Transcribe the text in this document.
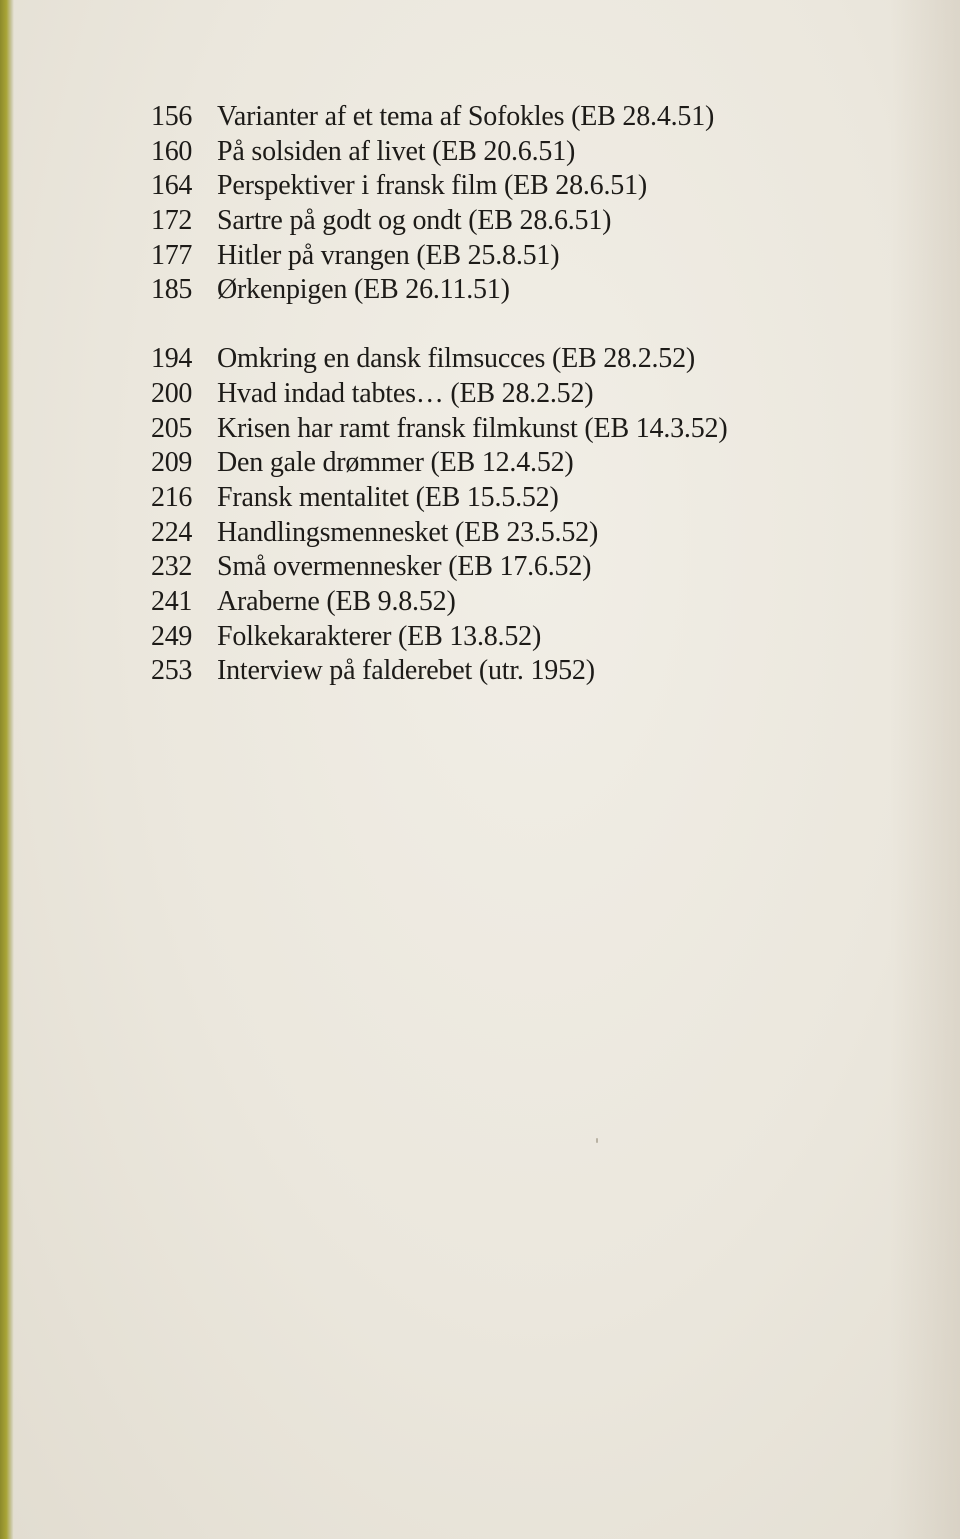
156 Varianter af et tema af Sofokles (EB 28.4.51)
160 På solsiden af livet (EB 20.6.51)
164 Perspektiver i fransk film (EB 28.6.51)
172 Sartre på godt og ondt (EB 28.6.51)
177 Hitler på vrangen (EB 25.8.51)
185 Ørkenpigen (EB 26.11.51)
194 Omkring en dansk filmsucces (EB 28.2.52)
200 Hvad indad tabtes… (EB 28.2.52)
205 Krisen har ramt fransk filmkunst (EB 14.3.52)
209 Den gale drømmer (EB 12.4.52)
216 Fransk mentalitet (EB 15.5.52)
224 Handlingsmennesket (EB 23.5.52)
232 Små overmennesker (EB 17.6.52)
241 Araberne (EB 9.8.52)
249 Folkekarakterer (EB 13.8.52)
253 Interview på falderebet (utr. 1952)
